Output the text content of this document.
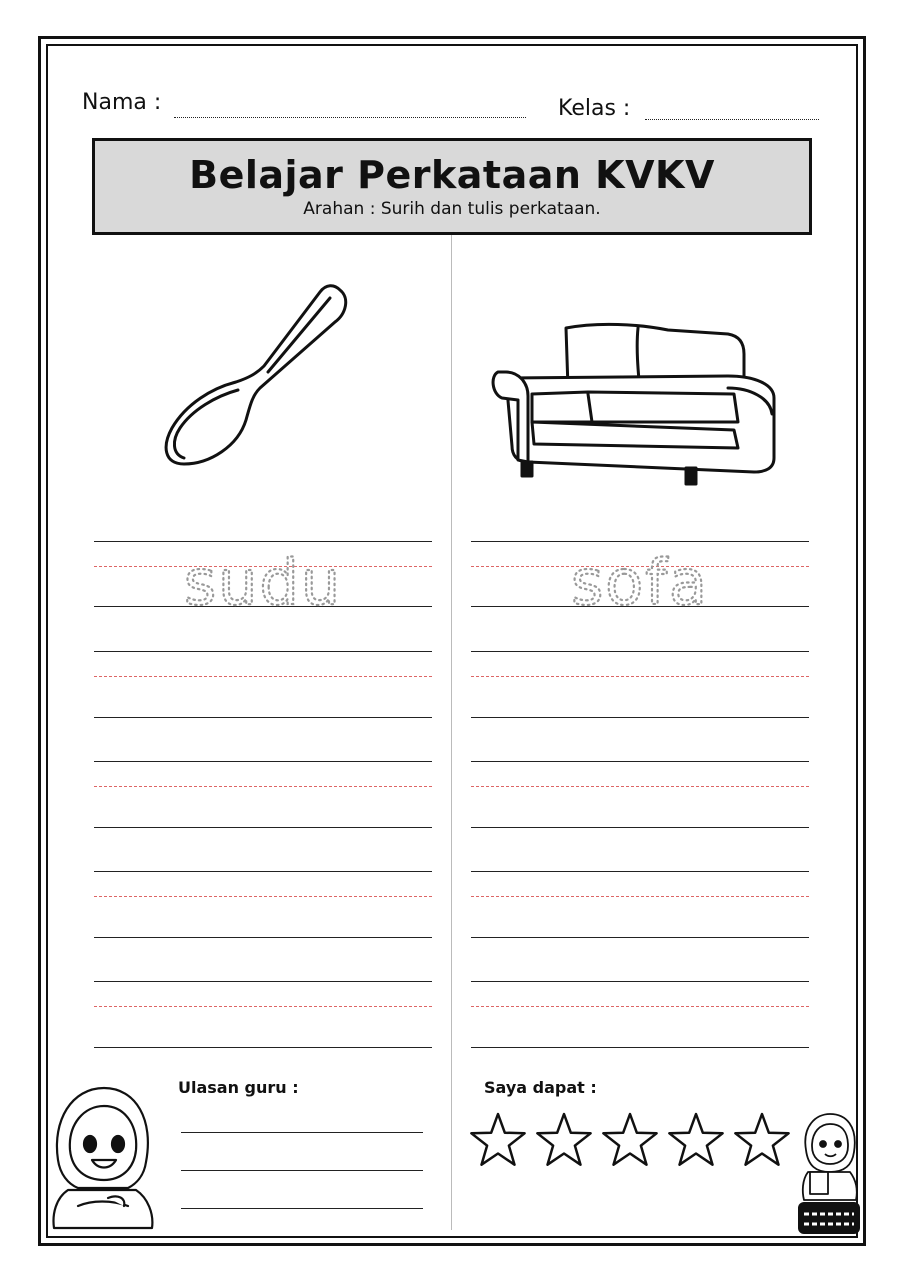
Nama :	Kelas :
Belajar Perkataan KVKV
Arahan : Surih dan tulis perkataan.
sudu	sofa
Ulasan guru :	Saya dapat :
